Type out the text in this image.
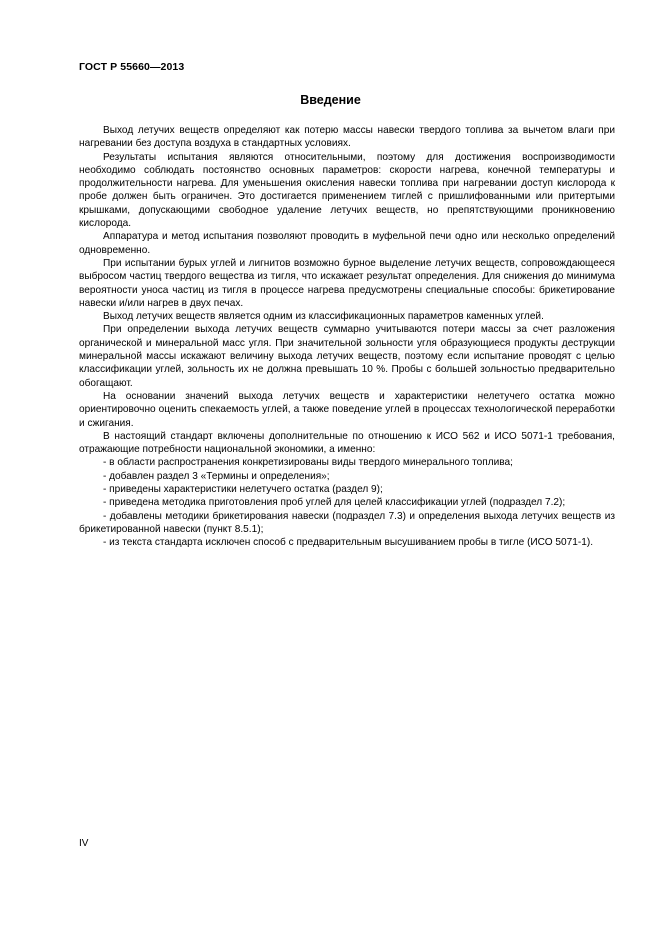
ГОСТ Р 55660—2013
Введение

Выход летучих веществ определяют как потерю массы навески твердого топлива за вычетом влаги при нагревании без доступа воздуха в стандартных условиях.

Результаты испытания являются относительными, поэтому для достижения воспроизводимости необходимо соблюдать постоянство основных параметров: скорости нагрева, конечной температуры и продолжительности нагрева. Для уменьшения окисления навески топлива при нагревании доступ кислорода к пробе должен быть ограничен. Это достигается применением тиглей с пришлифованными или притертыми крышками, допускающими свободное удаление летучих веществ, но препятствующими проникновению кислорода.

Аппаратура и метод испытания позволяют проводить в муфельной печи одно или несколько определений одновременно.

При испытании бурых углей и лигнитов возможно бурное выделение летучих веществ, сопровождающееся выбросом частиц твердого вещества из тигля, что искажает результат определения. Для снижения до минимума вероятности уноса частиц из тигля в процессе нагрева предусмотрены специальные способы: брикетирование навески и/или нагрев в двух печах.

Выход летучих веществ является одним из классификационных параметров каменных углей.

При определении выхода летучих веществ суммарно учитываются потери массы за счет разложения органической и минеральной масс угля. При значительной зольности угля образующиеся продукты деструкции минеральной массы искажают величину выхода летучих веществ, поэтому если испытание проводят с целью классификации углей, зольность их не должна превышать 10 %. Пробы с большей зольностью предварительно обогащают.

На основании значений выхода летучих веществ и характеристики нелетучего остатка можно ориентировочно оценить спекаемость углей, а также поведение углей в процессах технологической переработки и сжигания.

В настоящий стандарт включены дополнительные по отношению к ИСО 562 и ИСО 5071-1 требования, отражающие потребности национальной экономики, а именно:

- в области распространения конкретизированы виды твердого минерального топлива;

- добавлен раздел 3 «Термины и определения»;

- приведены характеристики нелетучего остатка (раздел 9);

- приведена методика приготовления проб углей для целей классификации углей (подраздел 7.2);

- добавлены методики брикетирования навески (подраздел 7.3) и определения выхода летучих веществ из брикетированной навески (пункт 8.5.1);

- из текста стандарта исключен способ с предварительным высушиванием пробы в тигле (ИСО 5071-1).

IV
